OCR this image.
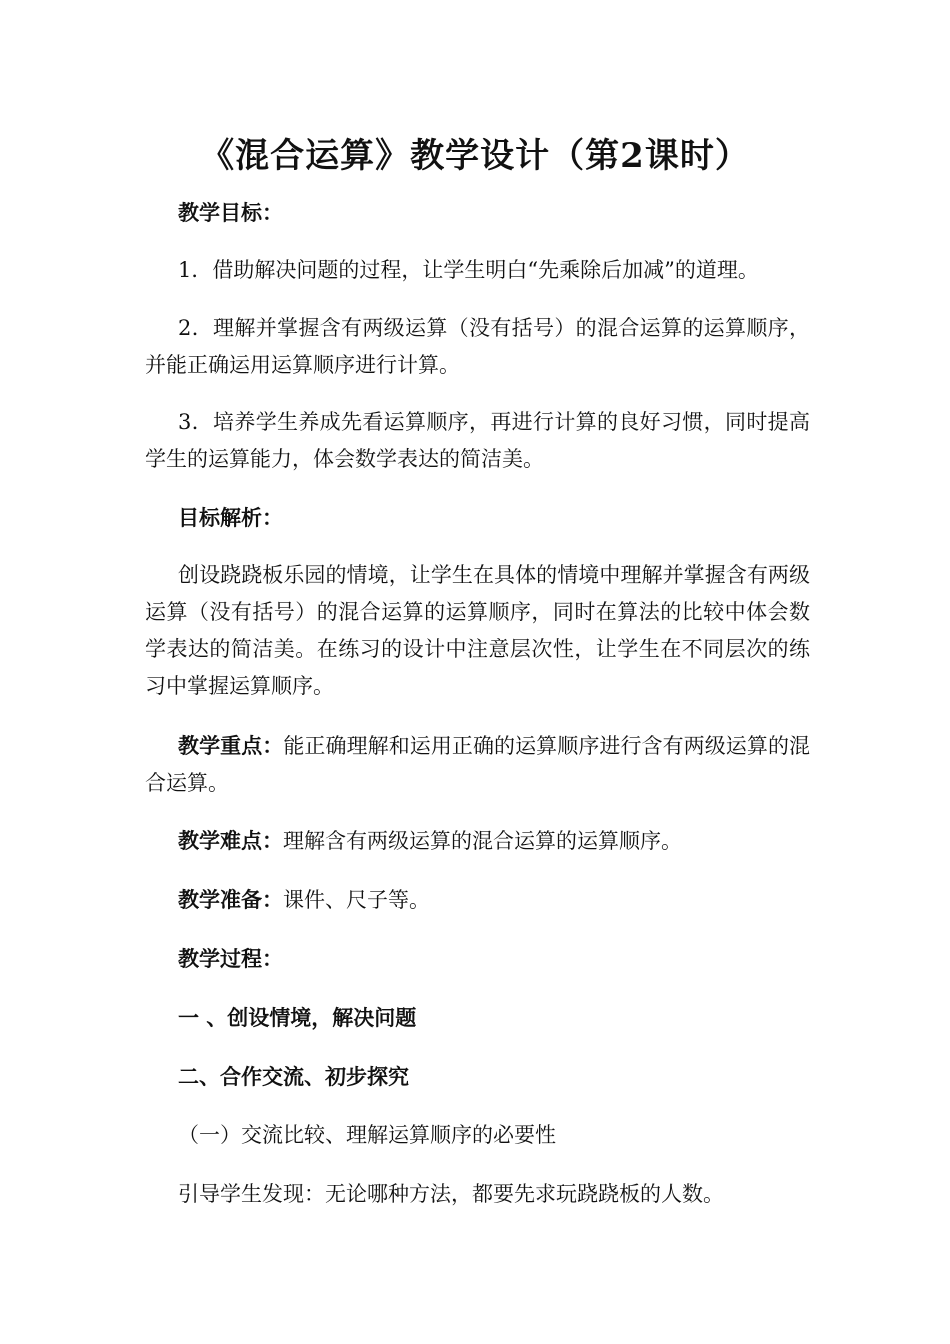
《混合运算》教学设计（第2课时）
教学目标：
1．借助解决问题的过程，让学生明白“先乘除后加减”的道理。
2．理解并掌握含有两级运算（没有括号）的混合运算的运算顺序，并能正确运用运算顺序进行计算。
3．培养学生养成先看运算顺序，再进行计算的良好习惯，同时提高学生的运算能力，体会数学表达的简洁美。
目标解析：
创设跷跷板乐园的情境，让学生在具体的情境中理解并掌握含有两级运算（没有括号）的混合运算的运算顺序，同时在算法的比较中体会数学表达的简洁美。在练习的设计中注意层次性，让学生在不同层次的练习中掌握运算顺序。
教学重点：能正确理解和运用正确的运算顺序进行含有两级运算的混合运算。
教学难点：理解含有两级运算的混合运算的运算顺序。
教学准备：课件、尺子等。
教学过程：
一 、创设情境，解决问题
二、合作交流、初步探究
（一）交流比较、理解运算顺序的必要性
引导学生发现：无论哪种方法，都要先求玩跷跷板的人数。
